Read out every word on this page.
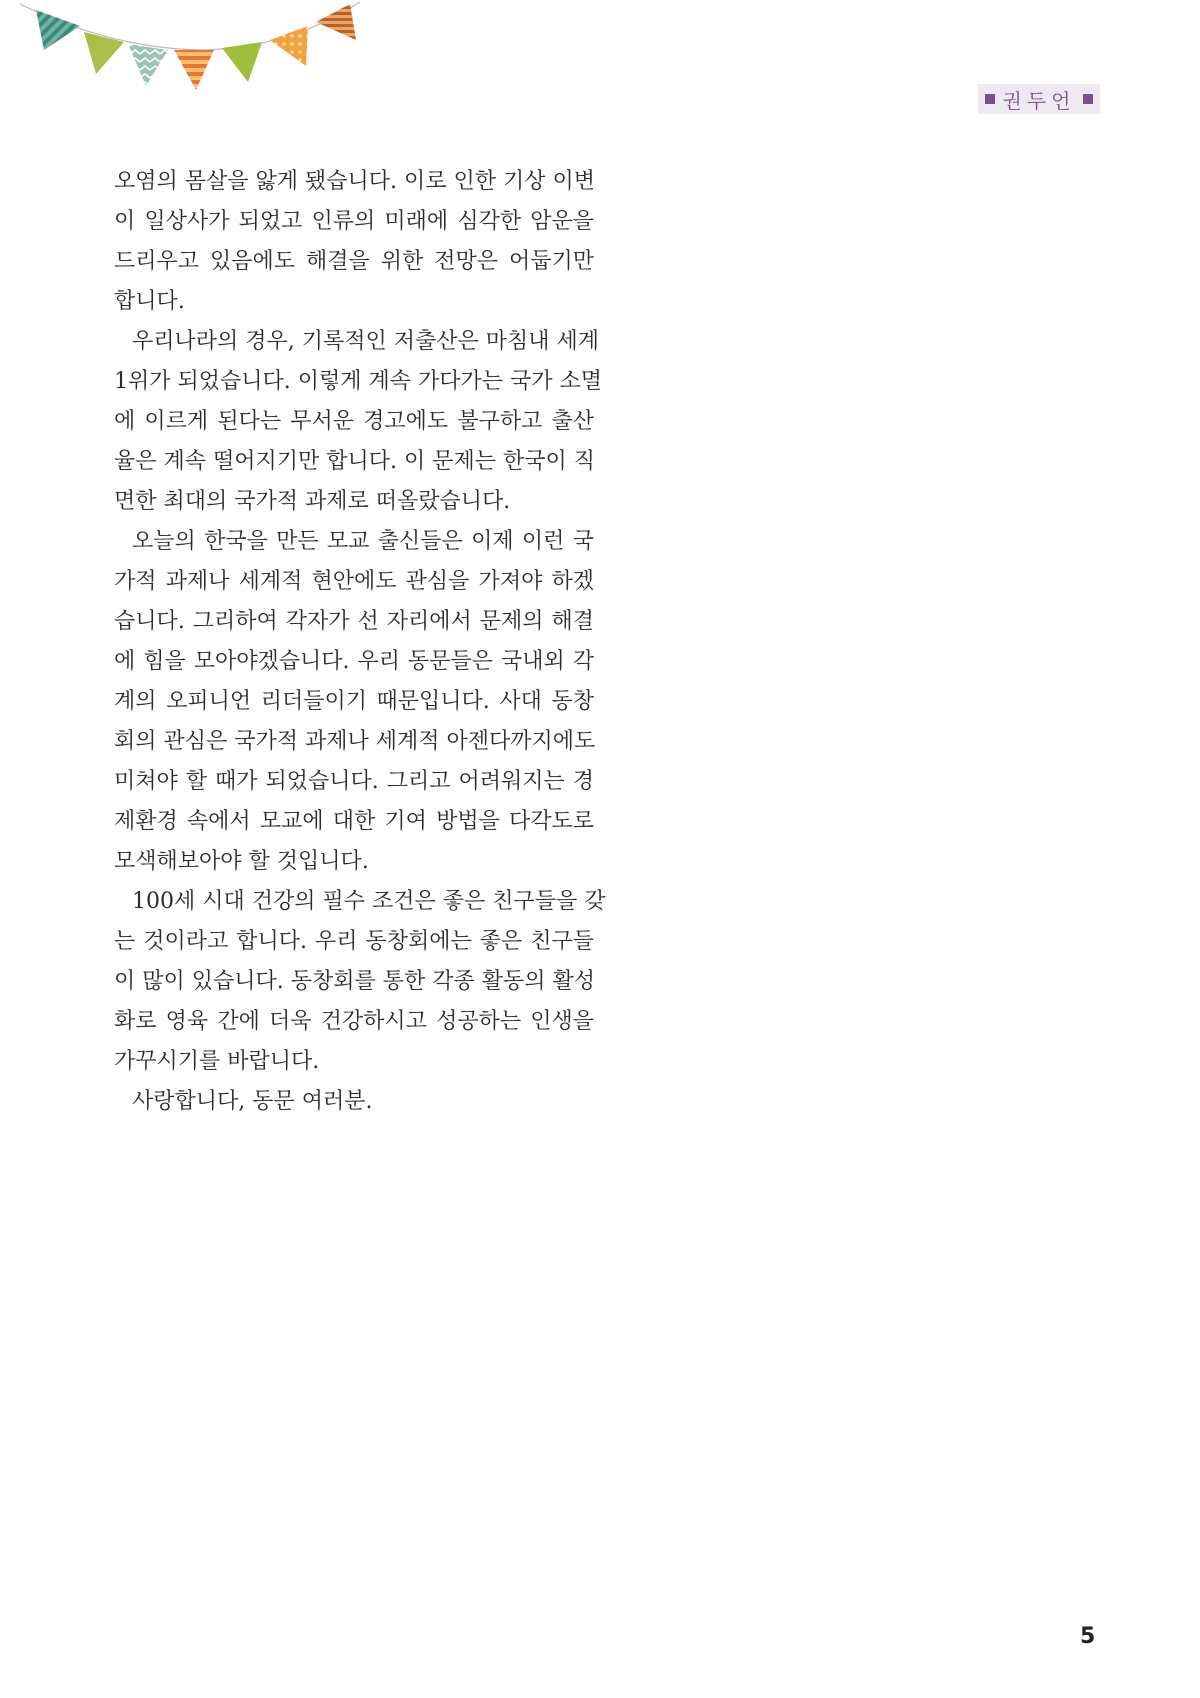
권두언
오염의 몸살을 앓게 됐습니다. 이로 인한 기상 이변
이 일상사가 되었고 인류의 미래에 심각한 암운을
드리우고 있음에도 해결을 위한 전망은 어둡기만
합니다.
우리나라의 경우, 기록적인 저출산은 마침내 세계
1위가 되었습니다. 이렇게 계속 가다가는 국가 소멸
에 이르게 된다는 무서운 경고에도 불구하고 출산
율은 계속 떨어지기만 합니다. 이 문제는 한국이 직
면한 최대의 국가적 과제로 떠올랐습니다.
오늘의 한국을 만든 모교 출신들은 이제 이런 국
가적 과제나 세계적 현안에도 관심을 가져야 하겠
습니다. 그리하여 각자가 선 자리에서 문제의 해결
에 힘을 모아야겠습니다. 우리 동문들은 국내외 각
계의 오피니언 리더들이기 때문입니다. 사대 동창
회의 관심은 국가적 과제나 세계적 아젠다까지에도
미쳐야 할 때가 되었습니다. 그리고 어려워지는 경
제환경 속에서 모교에 대한 기여 방법을 다각도로
모색해보아야 할 것입니다.
100세 시대 건강의 필수 조건은 좋은 친구들을 갖
는 것이라고 합니다. 우리 동창회에는 좋은 친구들
이 많이 있습니다. 동창회를 통한 각종 활동의 활성
화로 영육 간에 더욱 건강하시고 성공하는 인생을
가꾸시기를 바랍니다.
사랑합니다, 동문 여러분.
5
